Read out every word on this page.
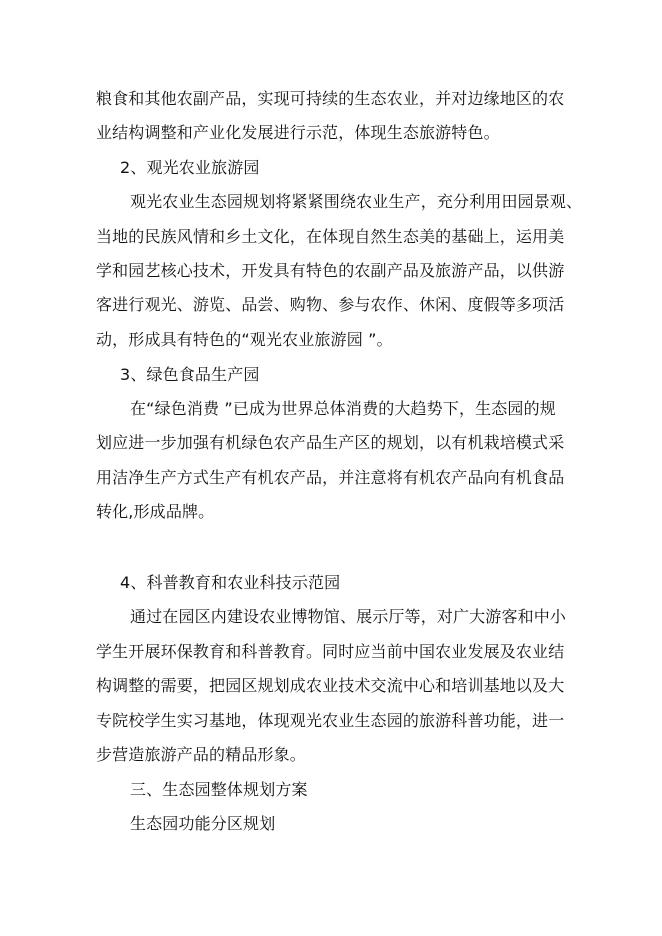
粮食和其他农副产品，实现可持续的生态农业，并对边缘地区的农
业结构调整和产业化发展进行示范，体现生态旅游特色。
2、观光农业旅游园
观光农业生态园规划将紧紧围绕农业生产，充分利用田园景观、
当地的民族风情和乡土文化，在体现自然生态美的基础上，运用美
学和园艺核心技术，开发具有特色的农副产品及旅游产品，以供游
客进行观光、游览、品尝、购物、参与农作、休闲、度假等多项活
动，形成具有特色的“观光农业旅游园 ”。
3、绿色食品生产园
在“绿色消费 ”已成为世界总体消费的大趋势下，生态园的规
划应进一步加强有机绿色农产品生产区的规划，以有机栽培模式采
用洁净生产方式生产有机农产品，并注意将有机农产品向有机食品
转化,形成品牌。
4、科普教育和农业科技示范园
通过在园区内建设农业博物馆、展示厅等，对广大游客和中小
学生开展环保教育和科普教育。同时应当前中国农业发展及农业结
构调整的需要，把园区规划成农业技术交流中心和培训基地以及大
专院校学生实习基地，体现观光农业生态园的旅游科普功能，进一
步营造旅游产品的精品形象。
三、生态园整体规划方案
生态园功能分区规划
